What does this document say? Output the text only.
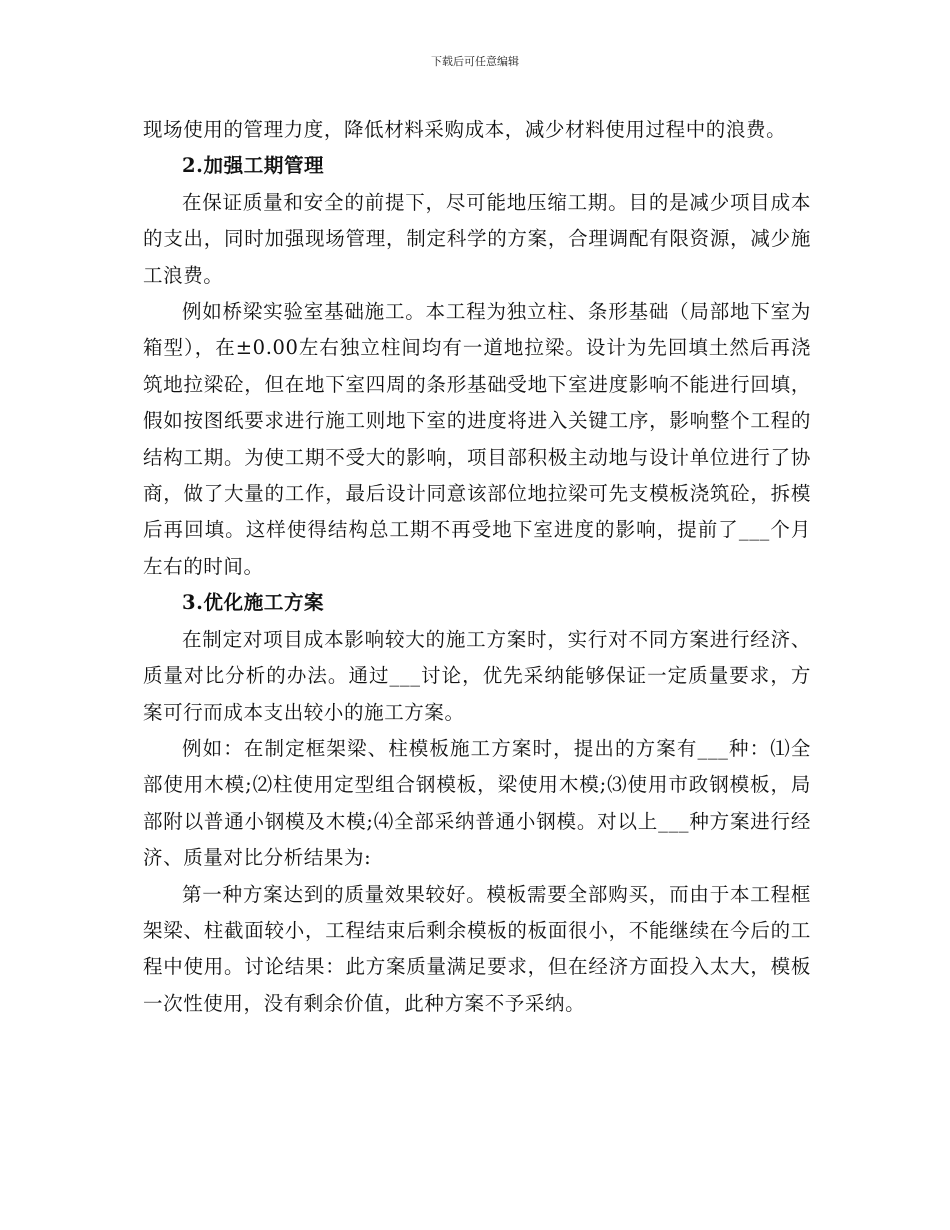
下载后可任意编辑

现场使用的管理力度，降低材料采购成本，减少材料使用过程中的浪费。

2.加强工期管理

在保证质量和安全的前提下，尽可能地压缩工期。目的是减少项目成本的支出，同时加强现场管理，制定科学的方案，合理调配有限资源，减少施工浪费。

例如桥梁实验室基础施工。本工程为独立柱、条形基础（局部地下室为箱型），在±0.00左右独立柱间均有一道地拉梁。设计为先回填土然后再浇筑地拉梁砼，但在地下室四周的条形基础受地下室进度影响不能进行回填，假如按图纸要求进行施工则地下室的进度将进入关键工序，影响整个工程的结构工期。为使工期不受大的影响，项目部积极主动地与设计单位进行了协商，做了大量的工作，最后设计同意该部位地拉梁可先支模板浇筑砼，拆模后再回填。这样使得结构总工期不再受地下室进度的影响，提前了___个月左右的时间。

3.优化施工方案

在制定对项目成本影响较大的施工方案时，实行对不同方案进行经济、质量对比分析的办法。通过___讨论，优先采纳能够保证一定质量要求，方案可行而成本支出较小的施工方案。

例如：在制定框架梁、柱模板施工方案时，提出的方案有___种：⑴全部使用木模;⑵柱使用定型组合钢模板，梁使用木模;⑶使用市政钢模板，局部附以普通小钢模及木模;⑷全部采纳普通小钢模。对以上___种方案进行经济、质量对比分析结果为:

第一种方案达到的质量效果较好。模板需要全部购买，而由于本工程框架梁、柱截面较小，工程结束后剩余模板的板面很小，不能继续在今后的工程中使用。讨论结果：此方案质量满足要求，但在经济方面投入太大，模板一次性使用，没有剩余价值，此种方案不予采纳。
